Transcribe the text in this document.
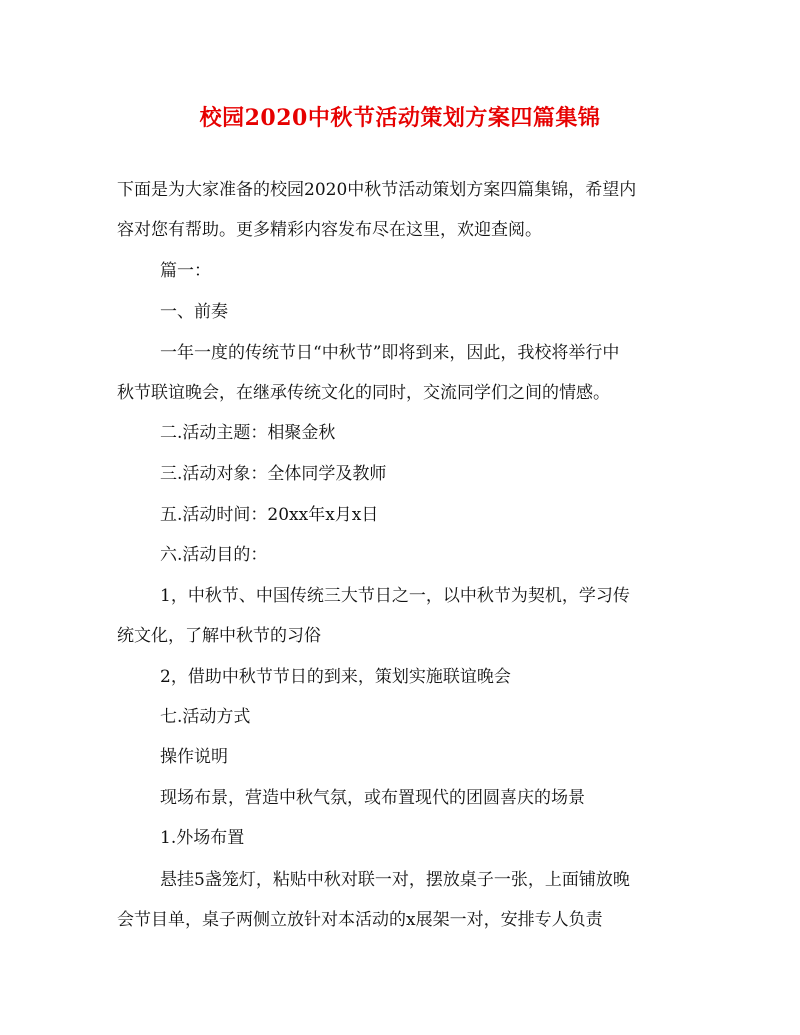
校园2020中秋节活动策划方案四篇集锦

下面是为大家准备的校园2020中秋节活动策划方案四篇集锦，希望内

容对您有帮助。更多精彩内容发布尽在这里，欢迎查阅。

篇一：

一、前奏

一年一度的传统节日“中秋节”即将到来，因此，我校将举行中

秋节联谊晚会，在继承传统文化的同时，交流同学们之间的情感。

二.活动主题：相聚金秋

三.活动对象：全体同学及教师

五.活动时间：20xx年x月x日

六.活动目的：

1，中秋节、中国传统三大节日之一，以中秋节为契机，学习传

统文化，了解中秋节的习俗

2，借助中秋节节日的到来，策划实施联谊晚会

七.活动方式

操作说明

现场布景，营造中秋气氛，或布置现代的团圆喜庆的场景

1.外场布置

悬挂5盏笼灯，粘贴中秋对联一对，摆放桌子一张，上面铺放晚

会节目单，桌子两侧立放针对本活动的x展架一对，安排专人负责
